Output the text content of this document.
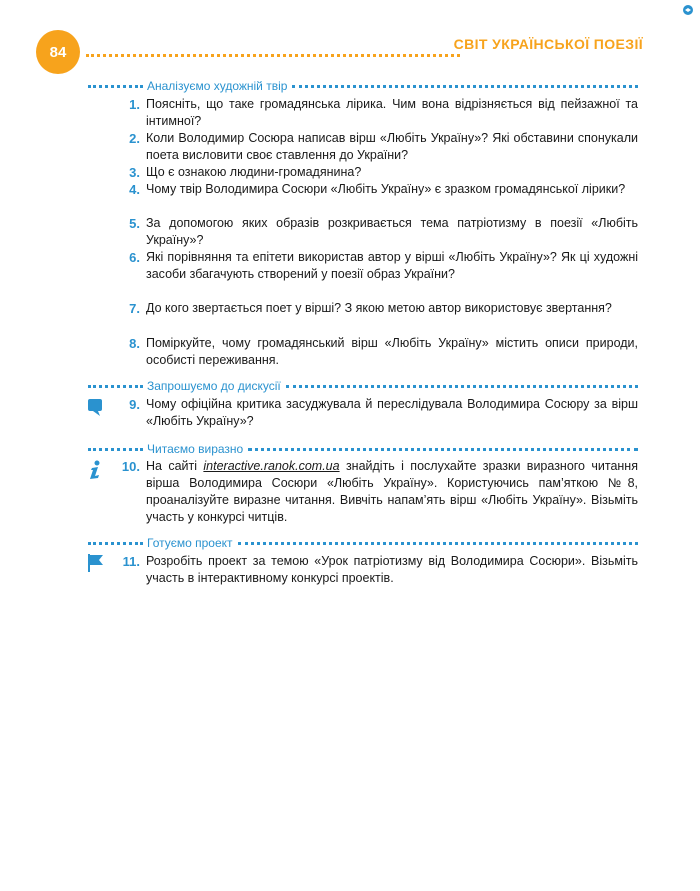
84	СВІТ УКРАЇНСЬКОЇ ПОЕЗІЇ
Аналізуємо художній твір
1. Поясніть, що таке громадянська лірика. Чим вона відрізняється від пейзажної та інтимної?
2. Коли Володимир Сосюра написав вірш «Любіть Україну»? Які обставини спонукали поета висловити своє ставлення до України?
3. Що є ознакою людини-громадянина?
4. Чому твір Володимира Сосюри «Любіть Україну» є зразком громадянської лірики?
5. За допомогою яких образів розкривається тема патріотизму в поезії «Любіть Україну»?
6. Які порівняння та епітети використав автор у вірші «Любіть Україну»? Як ці художні засоби збагачують створений у поезії образ України?
7. До кого звертається поет у вірші? З якою метою автор використовує звертання?
8. Поміркуйте, чому громадянський вірш «Любіть Україну» містить описи природи, особисті переживання.
Запрошуємо до дискусії
9. Чому офіційна критика засуджувала й переслідувала Володимира Сосюру за вірш «Любіть Україну»?
Читаємо виразно
10. На сайті interactive.ranok.com.ua знайдіть і послухайте зразки виразного читання вірша Володимира Сосюри «Любіть Україну». Користуючись пам’яткою №8, проаналізуйте виразне читання. Вивчіть напам’ять вірш «Любіть Україну». Візьміть участь у конкурсі читців.
Готуємо проект
11. Розробіть проект за темою «Урок патріотизму від Володимира Сосюри». Візьміть участь в інтерактивному конкурсі проектів.
